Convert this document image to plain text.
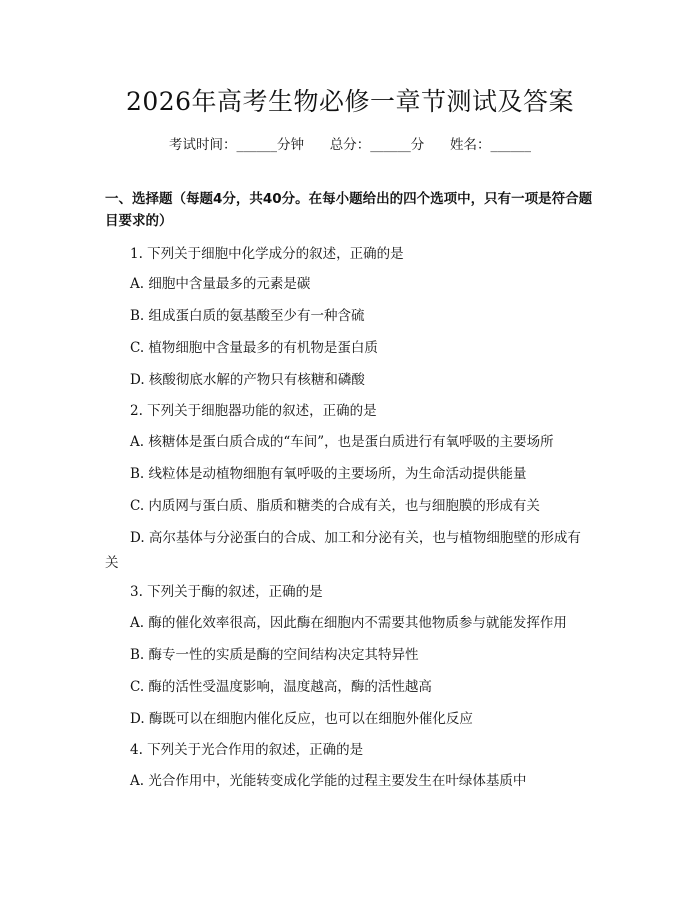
2026年高考生物必修一章节测试及答案
考试时间：______分钟      总分：______分      姓名：______
一、选择题（每题4分，共40分。在每小题给出的四个选项中，只有一项是符合题目要求的）
1. 下列关于细胞中化学成分的叙述，正确的是
A. 细胞中含量最多的元素是碳
B. 组成蛋白质的氨基酸至少有一种含硫
C. 植物细胞中含量最多的有机物是蛋白质
D. 核酸彻底水解的产物只有核糖和磷酸
2. 下列关于细胞器功能的叙述，正确的是
A. 核糖体是蛋白质合成的“车间”，也是蛋白质进行有氧呼吸的主要场所
B. 线粒体是动植物细胞有氧呼吸的主要场所，为生命活动提供能量
C. 内质网与蛋白质、脂质和糖类的合成有关，也与细胞膜的形成有关
D. 高尔基体与分泌蛋白的合成、加工和分泌有关，也与植物细胞壁的形成有
关
3. 下列关于酶的叙述，正确的是
A. 酶的催化效率很高，因此酶在细胞内不需要其他物质参与就能发挥作用
B. 酶专一性的实质是酶的空间结构决定其特异性
C. 酶的活性受温度影响，温度越高，酶的活性越高
D. 酶既可以在细胞内催化反应，也可以在细胞外催化反应
4. 下列关于光合作用的叙述，正确的是
A. 光合作用中，光能转变成化学能的过程主要发生在叶绿体基质中
